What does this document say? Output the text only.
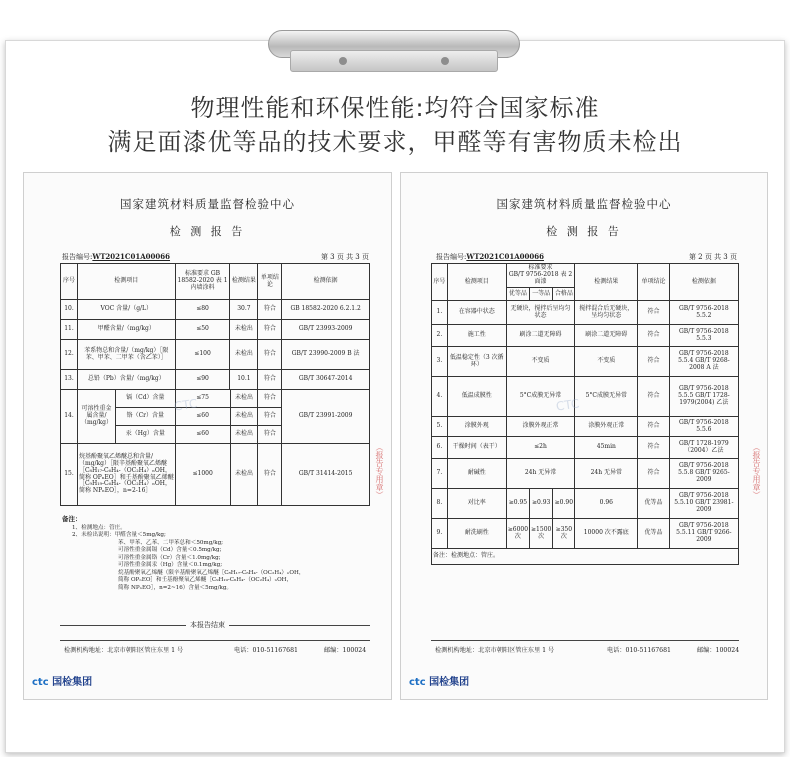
物理性能和环保性能:均符合国家标准
满足面漆优等品的技术要求，甲醛等有害物质未检出
国家建筑材料质量监督检验中心
检 测 报 告
报告编号:WT2021C01A00066	第 3 页 共 3 页
序号	检测项目	标准要求 GB 18582-2020 表 1 内墙涂料	检测结果	单项结论	检测依据
10.	VOC 含量/（g/L）	≤80	30.7	符合	GB 18582-2020 6.2.1.2
11.	甲醛含量/（mg/kg）	≤50	未检出	符合	GB/T 23993-2009
12.	苯系物总和含量/（mg/kg）［限苯、甲苯、二甲苯（含乙苯）］	≤100	未检出	符合	GB/T 23990-2009 B 法
13.	总铅（Pb）含量/（mg/kg）	≤90	10.1	符合	GB/T 30647-2014
14.	可溶性重金属含量/（mg/kg）	镉（Cd）含量	≤75	未检出	符合	GB/T 23991-2009
		铬（Cr）含量	≤60	未检出	符合	
		汞（Hg）含量	≤60	未检出	符合	
15.	烷基酚聚氧乙烯醚总和含量/（mg/kg）［限辛基酚聚氧乙烯醚［C₈H₁₇-C₆H₄-（OC₂H₄）ₙOH，简称 OPₙEO］和壬基酚聚氧乙烯醚［C₉H₁₉-C₆H₄-（OC₂H₄）ₙOH，简称 NPₙEO］，n=2-16］		≤1000	未检出	符合	GB/T 31414-2015
备注：
1、检测地点：管庄。
2、未检出说明：甲醛含量＜5mg/kg;
苯、甲苯、乙苯、二甲苯总和＜50mg/kg;
可溶性重金属镉（Cd）含量＜0.5mg/kg;
可溶性重金属铬（Cr）含量＜1.0mg/kg;
可溶性重金属汞（Hg）含量＜0.1mg/kg;
烷基酚聚氧乙烯醚（限辛基酚聚氧乙烯醚［C₈H₁₇-C₆H₄-（OC₂H₄）ₙOH，
简称 OPₙEO］和壬基酚聚氧乙烯醚［C₉H₁₉-C₆H₄-（OC₂H₄）ₙOH，
简称 NPₙEO］，n=2~16）含量＜5mg/kg。
本报告结束
检测机构地址：北京市朝阳区管庄东里 1 号	电话：010-51167681	邮编：100024
ctc 国检集团
（报告专用章）
CTC
国家建筑材料质量监督检验中心
检 测 报 告
报告编号:WT2021C01A00066	第 2 页 共 3 页
序号	检测项目	标准要求
GB/T 9756-2018 表 2 面漆			检测结果	单项结论	检测依据
		优等品	一等品	合格品			
1.	在容器中状态	无硬块，搅拌后呈均匀状态			搅拌混合后无硬块，呈均匀状态	符合	GB/T 9756-2018 5.5.2
2.	施工性	刷涂二道无障碍			刷涂二道无障碍	符合	GB/T 9756-2018 5.5.3
3.	低温稳定性（3 次循环）	不变质			不变质	符合	GB/T 9756-2018 5.5.4 GB/T 9268-2008 A 法
4.	低温成膜性	5°C成膜无异常			5°C成膜无异常	符合	GB/T 9756-2018 5.5.5 GB/T 1728-1979(2004) 乙法
5.	涂膜外观	涂膜外观正常			涂膜外观正常	符合	GB/T 9756-2018 5.5.6
6.	干燥时间（表干）	≤2h			45min	符合	GB/T 1728-1979（2004）乙法
7.	耐碱性	24h 无异常			24h 无异常	符合	GB/T 9756-2018 5.5.8 GB/T 9265-2009
8.	对比率	≥0.95	≥0.93	≥0.90	0.96	优等品	GB/T 9756-2018 5.5.10 GB/T 23981-2009
9.	耐洗刷性	≥6000 次	≥1500 次	≥350 次	10000 次不露底	优等品	GB/T 9756-2018 5.5.11 GB/T 9266-2009
备注：检测地点：管庄。							
检测机构地址：北京市朝阳区管庄东里 1 号	电话：010-51167681	邮编：100024
ctc 国检集团
（报告专用章）
CTC
